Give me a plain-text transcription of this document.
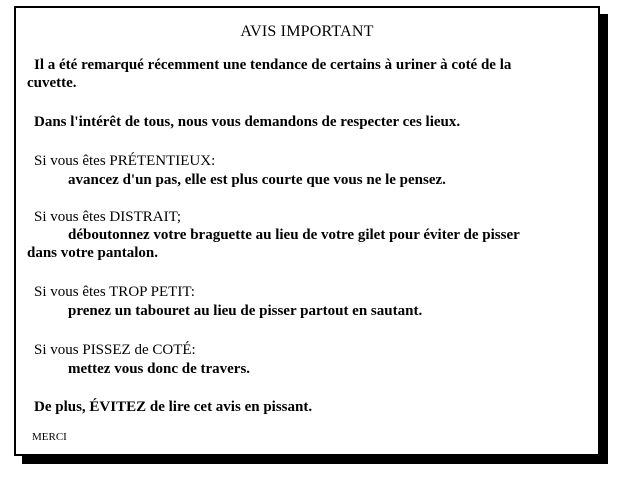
AVIS IMPORTANT
Il a été remarqué récemment une tendance de certains à uriner à coté de la
cuvette.
Dans l'intérêt de tous, nous vous demandons de respecter ces lieux.
Si vous êtes PRÉTENTIEUX:
avancez d'un pas, elle est plus courte que vous ne le pensez.
Si vous êtes DISTRAIT;
déboutonnez votre braguette au lieu de votre gilet pour éviter de pisser
dans votre pantalon.
Si vous êtes TROP PETIT:
prenez un tabouret au lieu de pisser partout en sautant.
Si vous PISSEZ de COTÉ:
mettez vous donc de travers.
De plus, ÉVITEZ de lire cet avis en pissant.
MERCI
